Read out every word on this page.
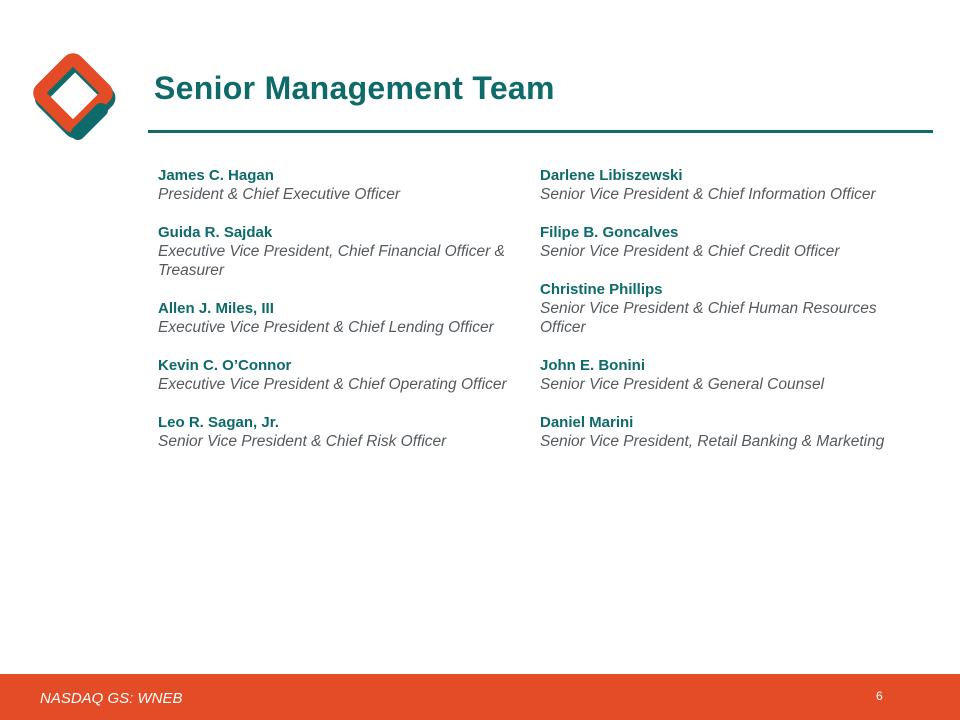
Senior Management Team
James C. Hagan
President & Chief Executive Officer
Guida R. Sajdak
Executive Vice President, Chief Financial Officer & Treasurer
Allen J. Miles, III
Executive Vice President & Chief Lending Officer
Kevin C. O’Connor
Executive Vice President & Chief Operating Officer
Leo R. Sagan, Jr.
Senior Vice President & Chief Risk Officer
Darlene Libiszewski
Senior Vice President & Chief Information Officer
Filipe B. Goncalves
Senior Vice President & Chief Credit Officer
Christine Phillips
Senior Vice President & Chief Human Resources Officer
John E. Bonini
Senior Vice President & General Counsel
Daniel Marini
Senior Vice President, Retail Banking & Marketing
NASDAQ GS: WNEB	6
